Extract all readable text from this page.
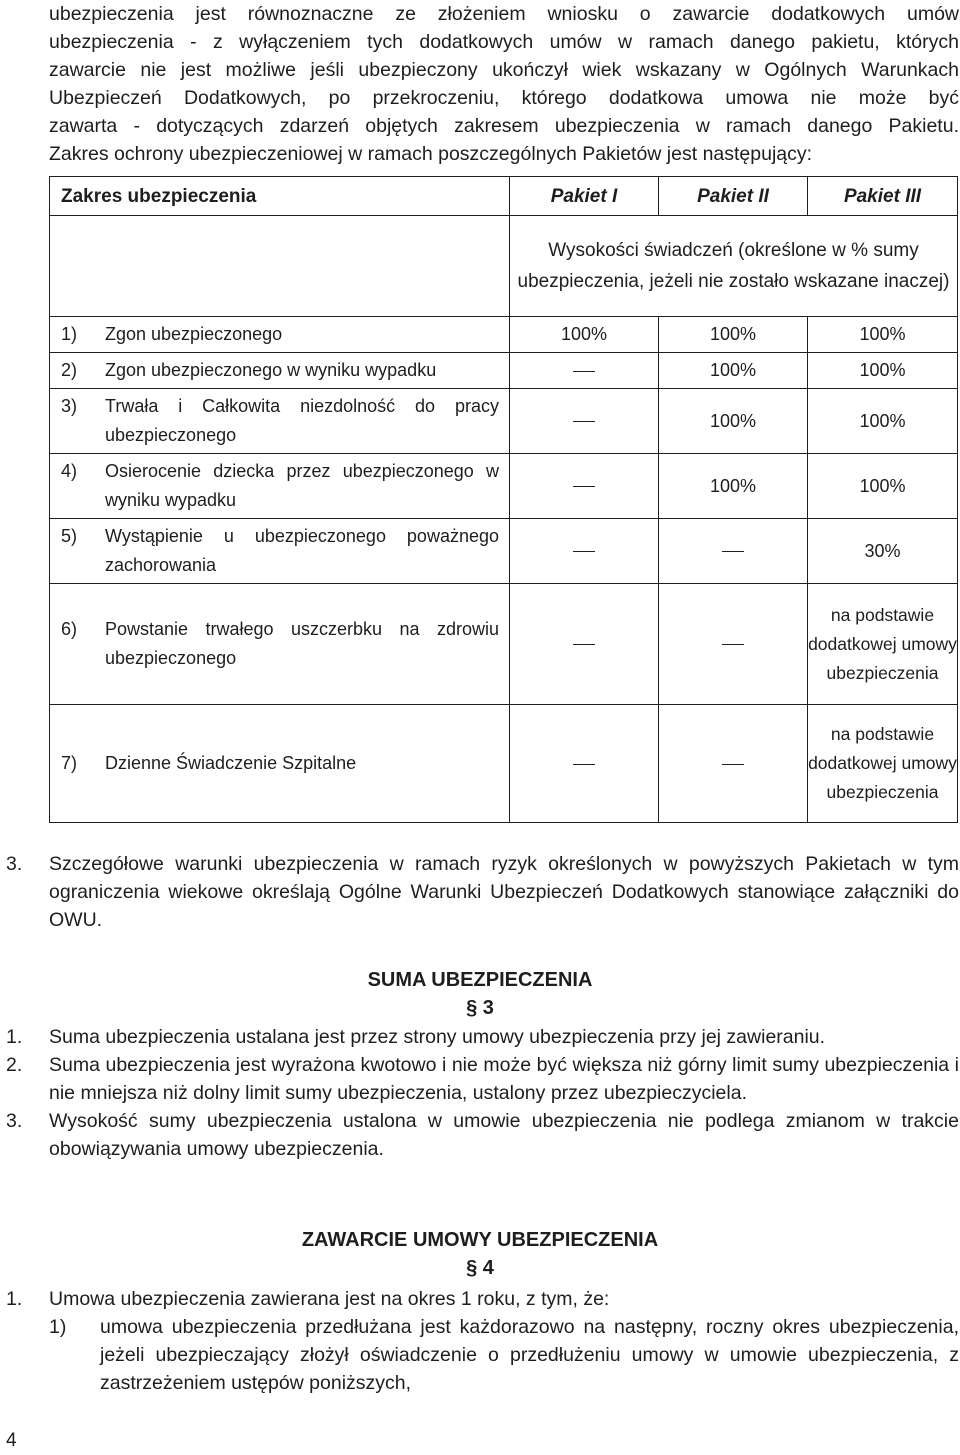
ubezpieczenia jest równoznaczne ze złożeniem wniosku o zawarcie dodatkowych umów

ubezpieczenia - z wyłączeniem tych dodatkowych umów w ramach danego pakietu, których

zawarcie nie jest możliwe jeśli ubezpieczony ukończył wiek wskazany w Ogólnych Warunkach

Ubezpieczeń Dodatkowych, po przekroczeniu, którego dodatkowa umowa nie może być

zawarta - dotyczących zdarzeń objętych zakresem ubezpieczenia w ramach danego Pakietu.

Zakres ochrony ubezpieczeniowej w ramach poszczególnych Pakietów jest następujący:

Zakres ubezpieczenia	Pakiet I	Pakiet II	Pakiet III
	Wysokości świadczeń (określone w % sumy ubezpieczenia, jeżeli nie zostało wskazane inaczej)		

1) Zgon ubezpieczonego	100%	100%	100%

2) Zgon ubezpieczonego w wyniku wypadku		100%	100%

3) Trwała i Całkowita niezdolność do pracy ubezpieczonego		100%	100%

4) Osierocenie dziecka przez ubezpieczonego w wyniku wypadku		100%	100%

5) Wystąpienie u ubezpieczonego poważnego zachorowania			30%

6) Powstanie trwałego uszczerbku na zdrowiu ubezpieczonego			na podstawie dodatkowej umowy ubezpieczenia

7) Dzienne Świadczenie Szpitalne			na podstawie dodatkowej umowy ubezpieczenia
3.	Szczegółowe warunki ubezpieczenia w ramach ryzyk określonych w powyższych Pakietach w tym ograniczenia wiekowe określają Ogólne Warunki Ubezpieczeń Dodatkowych stanowiące załączniki do OWU.
SUMA UBEZPIECZENIA
§ 3
1.	Suma ubezpieczenia ustalana jest przez strony umowy ubezpieczenia przy jej zawieraniu.
2.	Suma ubezpieczenia jest wyrażona kwotowo i nie może być większa niż górny limit sumy ubezpieczenia i nie mniejsza niż dolny limit sumy ubezpieczenia, ustalony przez ubezpieczyciela.
3.	Wysokość sumy ubezpieczenia ustalona w umowie ubezpieczenia nie podlega zmianom w trakcie obowiązywania umowy ubezpieczenia.
ZAWARCIE UMOWY UBEZPIECZENIA
§ 4
1.	Umowa ubezpieczenia zawierana jest na okres 1 roku, z tym, że:
1)	umowa ubezpieczenia przedłużana jest każdorazowo na następny, roczny okres ubezpieczenia, jeżeli ubezpieczający złożył oświadczenie o przedłużeniu umowy w umowie ubezpieczenia, z zastrzeżeniem ustępów poniższych,
4
